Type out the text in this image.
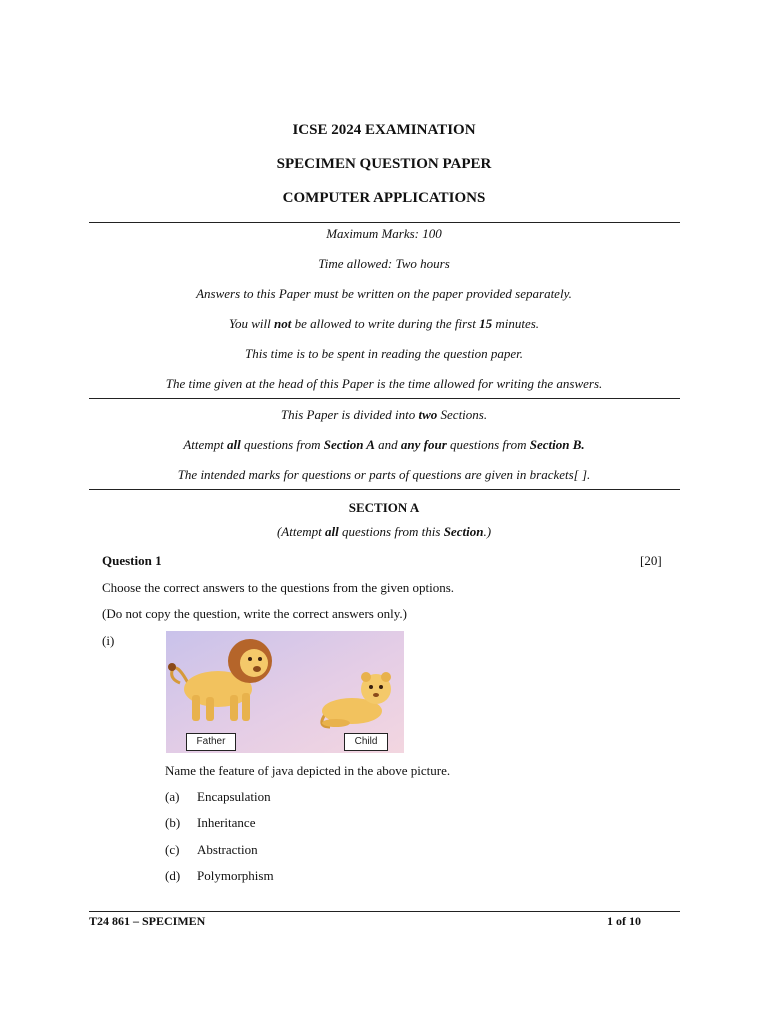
ICSE 2024 EXAMINATION
SPECIMEN QUESTION PAPER
COMPUTER APPLICATIONS
Maximum Marks: 100
Time allowed: Two hours
Answers to this Paper must be written on the paper provided separately.
You will not be allowed to write during the first 15 minutes.
This time is to be spent in reading the question paper.
The time given at the head of this Paper is the time allowed for writing the answers.
This Paper is divided into two Sections.
Attempt all questions from Section A and any four questions from Section B.
The intended marks for questions or parts of questions are given in brackets[ ].
SECTION A
(Attempt all questions from this Section.)
Question 1	[20]
Choose the correct answers to the questions from the given options.
(Do not copy the question, write the correct answers only.)
(i)
Father	Child
Name the feature of java depicted in the above picture.
(a) Encapsulation
(b) Inheritance
(c) Abstraction
(d) Polymorphism
T24 861 – SPECIMEN	1 of 10
